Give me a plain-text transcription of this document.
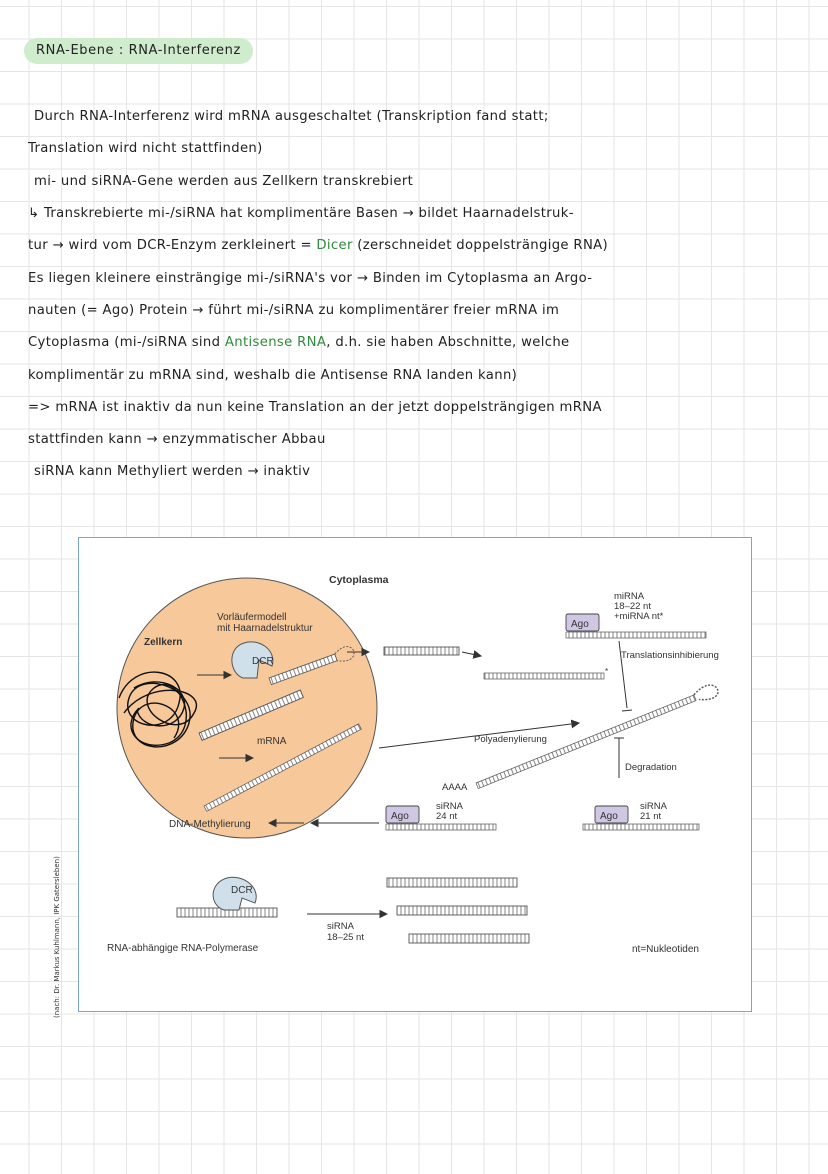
RNA-Ebene : RNA-Interferenz
Durch RNA-Interferenz wird mRNA ausgeschaltet (Transkription fand statt;
Translation wird nicht stattfinden)
mi- und siRNA-Gene werden aus Zellkern transkrebiert
↳ Transkrebierte mi-/siRNA hat komplimentäre Basen → bildet Haarnadelstruk-
tur → wird vom DCR-Enzym zerkleinert = Dicer (zerschneidet doppelsträngige RNA)
Es liegen kleinere einsträngige mi-/siRNA's vor → Binden im Cytoplasma an Argo-
nauten (= Ago) Protein → führt mi-/siRNA zu komplimentärer freier mRNA im
Cytoplasma (mi-/siRNA sind Antisense RNA, d.h. sie haben Abschnitte, welche
komplimentär zu mRNA sind, weshalb die Antisense RNA landen kann)
=> mRNA ist inaktiv da nun keine Translation an der jetzt doppelsträngigen mRNA
stattfinden kann → enzymmatischer Abbau
siRNA kann Methyliert werden → inaktiv
DCR
Zellkern
Vorläufermodell
mit Haarnadelstruktur
mRNA
DNA-Methylierung
Cytoplasma
*
Ago
miRNA
18–22 nt
+miRNA nt*
Translationsinhibierung
AAAA
Polyadenylierung
Degradation
Ago
siRNA
24 nt	Ago
siRNA
21 nt
DCR
RNA-abhängige RNA-Polymerase
siRNA
18–25 nt
nt=Nukleotiden
(nach: Dr. Markus Kuhlmann, IPK Gatersleben)
